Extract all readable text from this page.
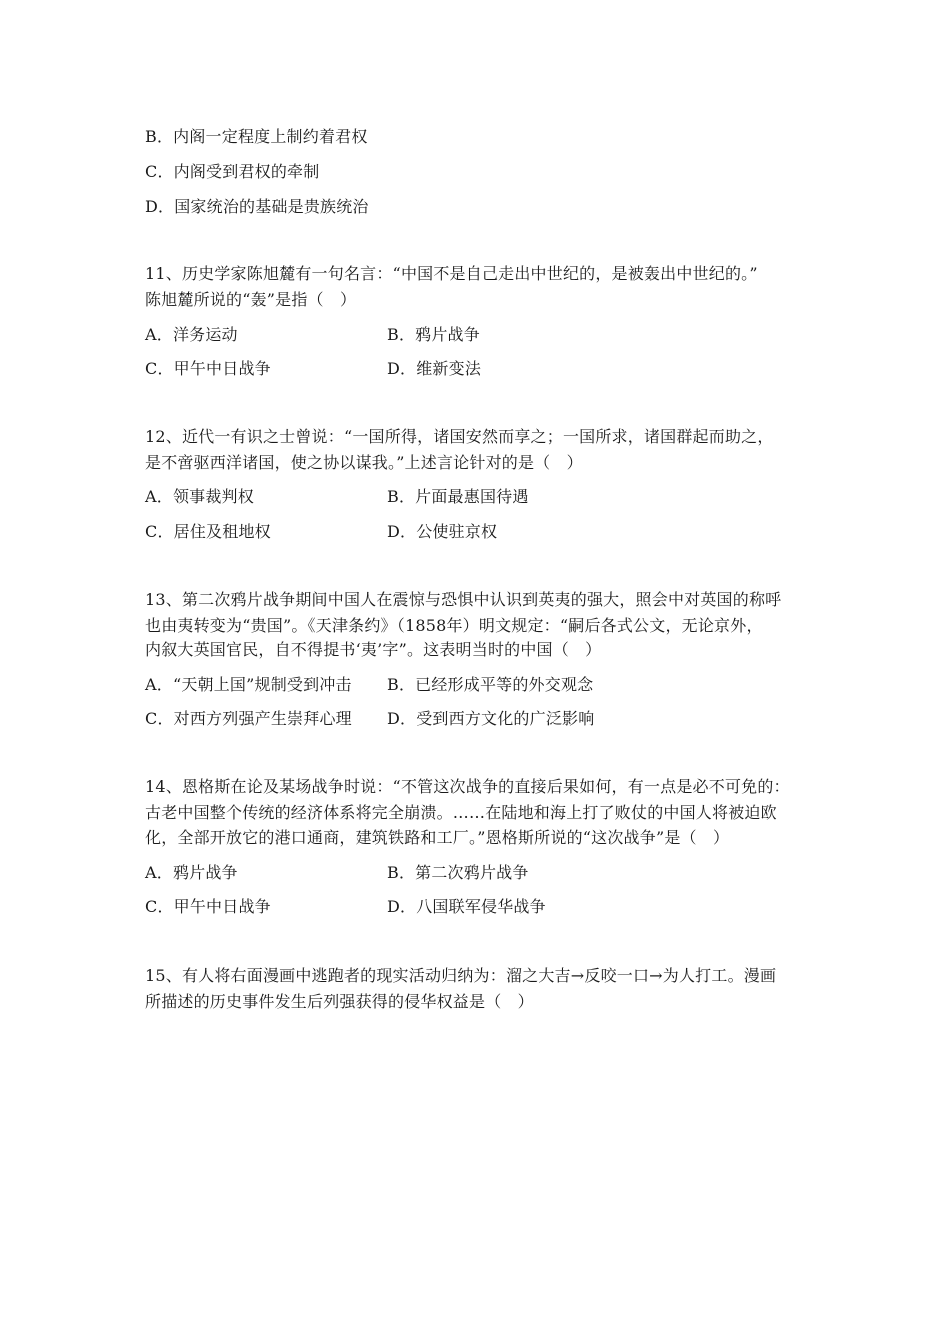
B．内阁一定程度上制约着君权
C．内阁受到君权的牵制
D．国家统治的基础是贵族统治
11、历史学家陈旭麓有一句名言：“中国不是自己走出中世纪的，是被轰出中世纪的。”
陈旭麓所说的“轰”是指（　）
A．洋务运动	B．鸦片战争
C．甲午中日战争	D．维新变法
12、近代一有识之士曾说：“一国所得，诸国安然而享之；一国所求，诸国群起而助之，
是不啻驱西洋诸国，使之协以谋我。”上述言论针对的是（　）
A．领事裁判权	B．片面最惠国待遇
C．居住及租地权	D．公使驻京权
13、第二次鸦片战争期间中国人在震惊与恐惧中认识到英夷的强大，照会中对英国的称呼
也由夷转变为“贵国”。《天津条约》（1858年）明文规定：“嗣后各式公文，无论京外，
内叙大英国官民，自不得提书‘夷’字”。这表明当时的中国（　）
A．“天朝上国”规制受到冲击 B．已经形成平等的外交观念
C．对西方列强产生崇拜心理 D．受到西方文化的广泛影响
14、恩格斯在论及某场战争时说：“不管这次战争的直接后果如何，有一点是必不可免的：
古老中国整个传统的经济体系将完全崩溃。……在陆地和海上打了败仗的中国人将被迫欧
化，全部开放它的港口通商，建筑铁路和工厂。”恩格斯所说的“这次战争”是（　）
A．鸦片战争	B．第二次鸦片战争
C．甲午中日战争	D．八国联军侵华战争
15、有人将右面漫画中逃跑者的现实活动归纳为：溜之大吉→反咬一口→为人打工。漫画
所描述的历史事件发生后列强获得的侵华权益是（　）
